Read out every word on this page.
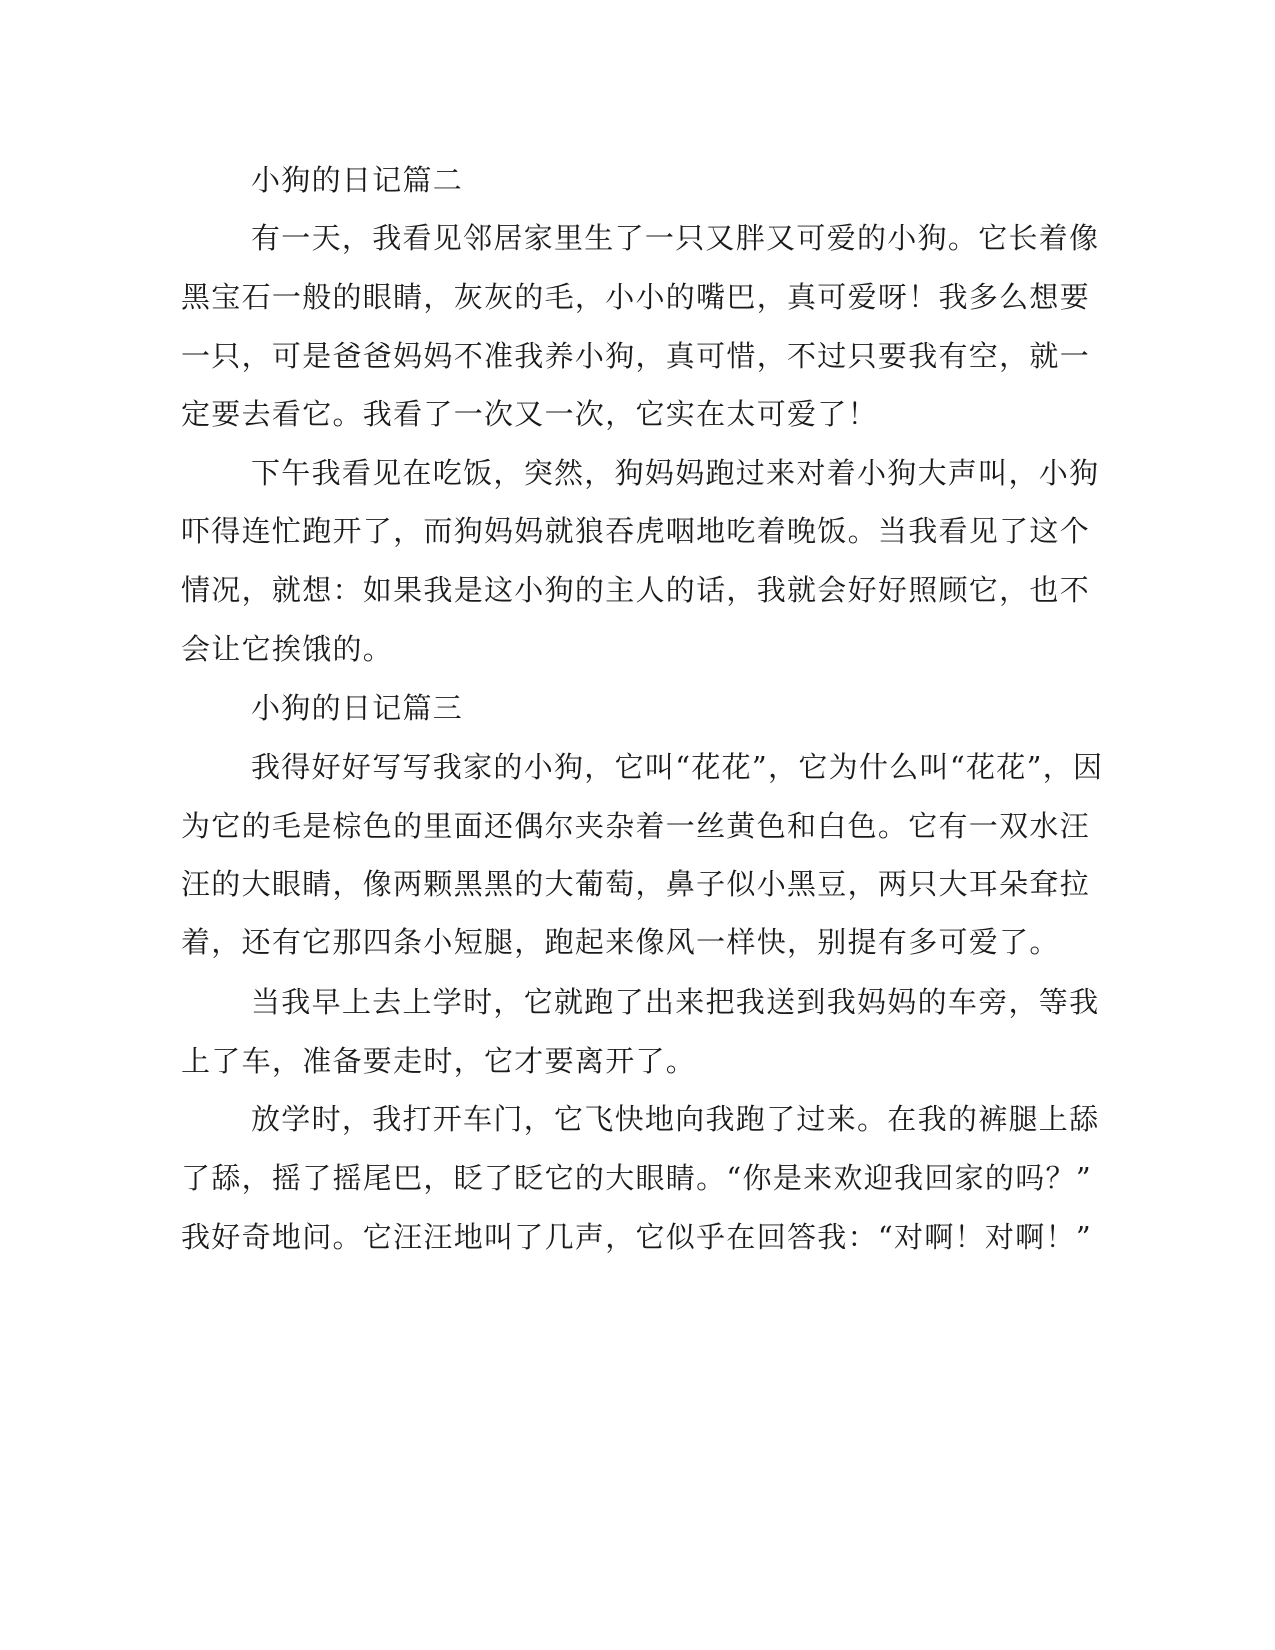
小狗的日记篇二

有一天，我看见邻居家里生了一只又胖又可爱的小狗。它长着像

黑宝石一般的眼睛，灰灰的毛，小小的嘴巴，真可爱呀！我多么想要

一只，可是爸爸妈妈不准我养小狗，真可惜，不过只要我有空，就一

定要去看它。我看了一次又一次，它实在太可爱了！

下午我看见在吃饭，突然，狗妈妈跑过来对着小狗大声叫，小狗

吓得连忙跑开了，而狗妈妈就狼吞虎咽地吃着晚饭。当我看见了这个

情况，就想：如果我是这小狗的主人的话，我就会好好照顾它，也不

会让它挨饿的。

小狗的日记篇三

我得好好写写我家的小狗，它叫“花花”，它为什么叫“花花”，因

为它的毛是棕色的里面还偶尔夹杂着一丝黄色和白色。它有一双水汪

汪的大眼睛，像两颗黑黑的大葡萄，鼻子似小黑豆，两只大耳朵耷拉

着，还有它那四条小短腿，跑起来像风一样快，别提有多可爱了。

当我早上去上学时，它就跑了出来把我送到我妈妈的车旁，等我

上了车，准备要走时，它才要离开了。

放学时，我打开车门，它飞快地向我跑了过来。在我的裤腿上舔

了舔，摇了摇尾巴，眨了眨它的大眼睛。“你是来欢迎我回家的吗？”

我好奇地问。它汪汪地叫了几声，它似乎在回答我：“对啊！对啊！”
